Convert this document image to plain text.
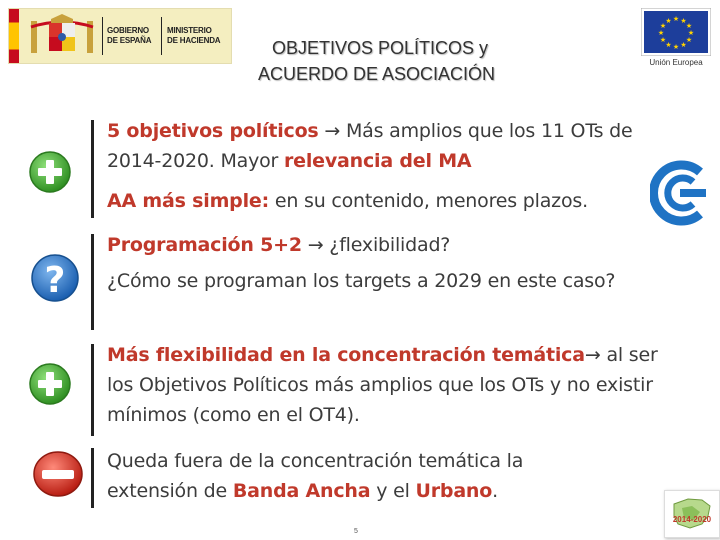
GOBIERNO
DE ESPAÑA
MINISTERIO
DE HACIENDA	OBJETIVOS POLÍTICOS y
ACUERDO DE ASOCIACIÓN
★ ★
★
★
★
★
★
★
★
★
★
★
Unión Europea
5 objetivos políticos → Más amplios que los 11 OTs de 2014-2020. Mayor relevancia del MA
AA más simple: en su contenido, menores plazos.
?
Programación 5+2 → ¿flexibilidad?
¿Cómo se programan los targets a 2029 en este caso?
Más flexibilidad en la concentración temática→ al ser los Objetivos Políticos más amplios que los OTs y no existir mínimos (como en el OT4).
Queda fuera de la concentración temática la extensión de Banda Ancha y el Urbano.
2014-2020
5
